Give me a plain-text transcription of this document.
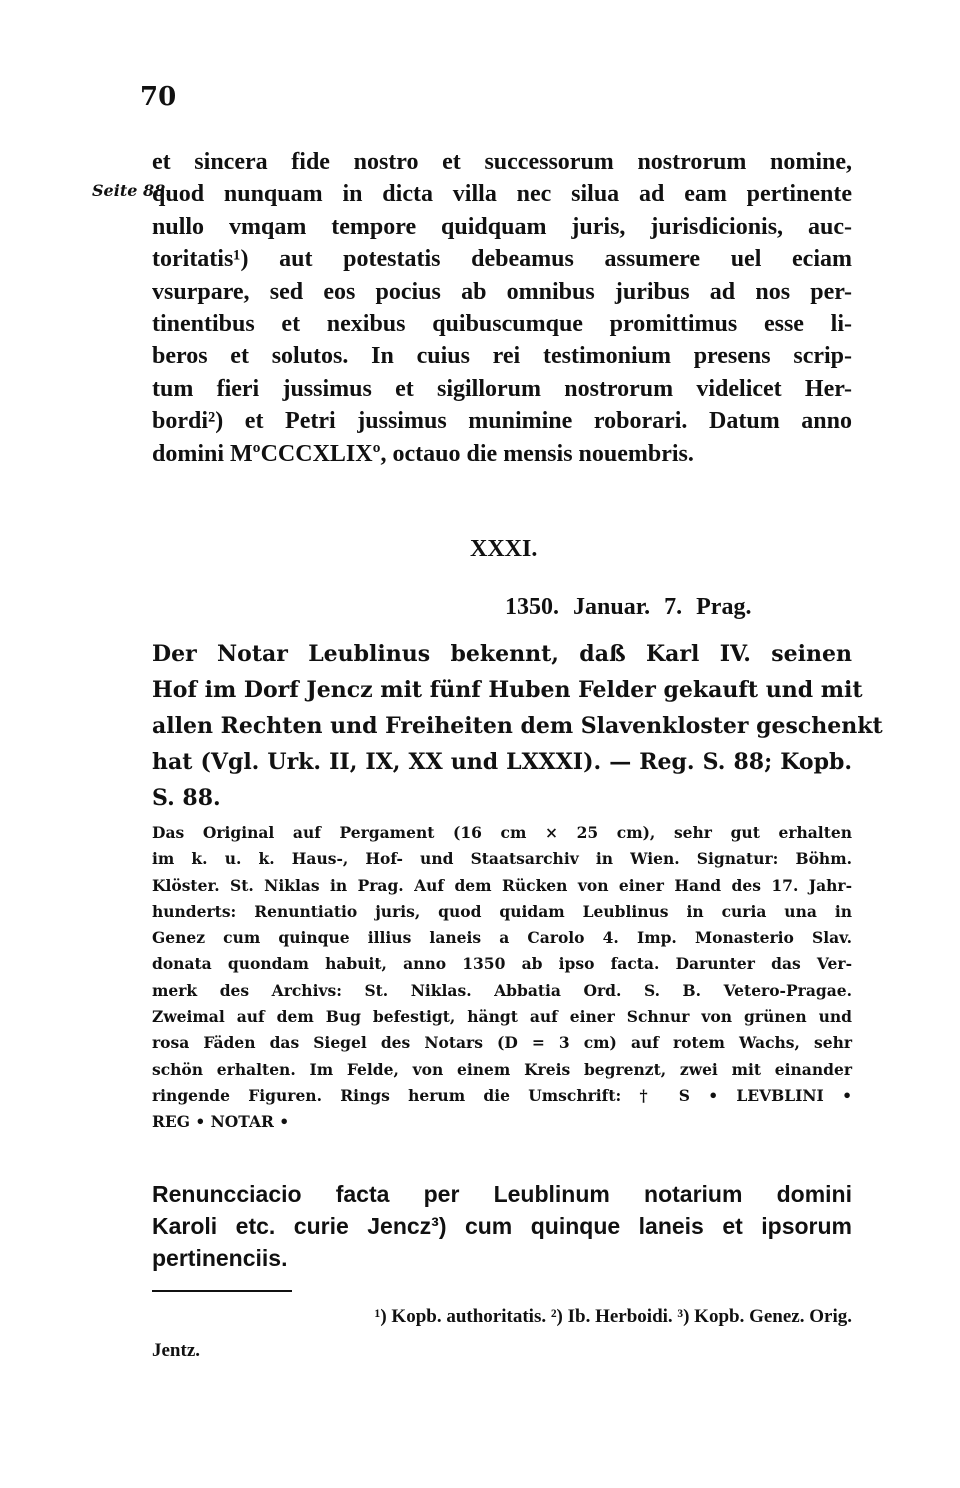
70
Seite 88.
et sincera fide nostro et successorum nostrorum nomine,
quod nunquam in dicta villa nec silua ad eam pertinente
nullo vmqam tempore quidquam juris, jurisdicionis, auc-
toritatis¹) aut potestatis debeamus assumere uel eciam
vsurpare, sed eos pocius ab omnibus juribus ad nos per-
tinentibus et nexibus quibuscumque promittimus esse li-
beros et solutos. In cuius rei testimonium presens scrip-
tum fieri jussimus et sigillorum nostrorum videlicet Her-
bordi²) et Petri jussimus munimine roborari. Datum anno
domini MºCCCXLIXº, octauo die mensis nouembris.
XXXI.
1350. Januar. 7. Prag.
Der Notar Leublinus bekennt, daß Karl IV. seinen
Hof im Dorf Jencz mit fünf Huben Felder gekauft und mit
allen Rechten und Freiheiten dem Slavenkloster geschenkt
hat (Vgl. Urk. II, IX, XX und LXXXI). — Reg. S. 88; Kopb.
S. 88.
Das Original auf Pergament (16 cm × 25 cm), sehr gut erhalten
im k. u. k. Haus-, Hof- und Staatsarchiv in Wien. Signatur: Böhm.
Klöster. St. Niklas in Prag. Auf dem Rücken von einer Hand des 17. Jahr-
hunderts: Renuntiatio juris, quod quidam Leublinus in curia una in
Genez cum quinque illius laneis a Carolo 4. Imp. Monasterio Slav.
donata quondam habuit, anno 1350 ab ipso facta. Darunter das Ver-
merk des Archivs: St. Niklas. Abbatia Ord. S. B. Vetero-Pragae.
Zweimal auf dem Bug befestigt, hängt auf einer Schnur von grünen und
rosa Fäden das Siegel des Notars (D = 3 cm) auf rotem Wachs, sehr
schön erhalten. Im Felde, von einem Kreis begrenzt, zwei mit einander
ringende Figuren. Rings herum die Umschrift: † S • LEVBLINI •
REG • NOTAR •
Renuncciacio facta per Leublinum notarium domini
Karoli etc. curie Jencz³) cum quinque laneis et ipsorum
pertinenciis.
¹) Kopb. authoritatis. ²) Ib. Herboidi. ³) Kopb. Genez. Orig.
Jentz.
